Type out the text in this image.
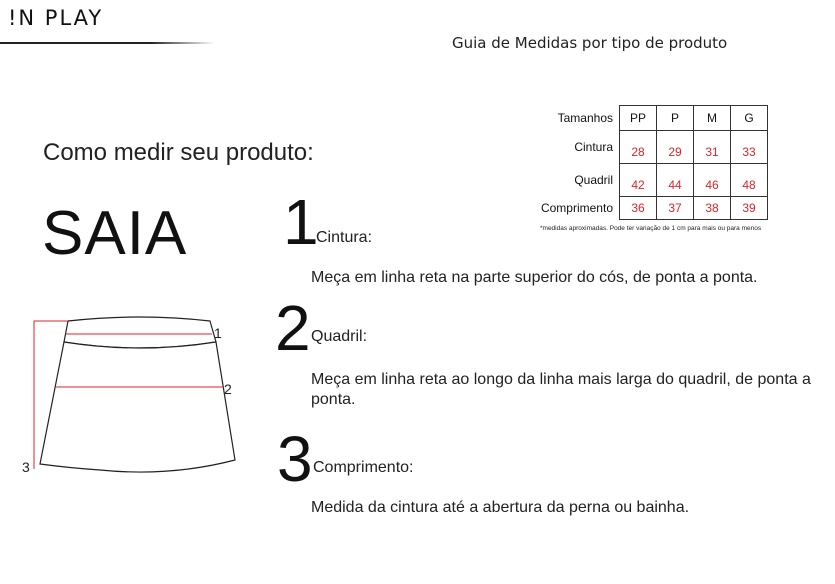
!N PLAY
Guia de Medidas por tipo de produto
Como medir seu produto:
SAIA
Tamanhos	PP	P	M	G
Cintura	28	29	31	33
Quadril	42	44	46	48
Comprimento	36	37	38	39
*medidas aproximadas. Pode ter variação de 1 cm para mais ou para menos
1
Cintura:
Meça em linha reta na parte superior do cós, de ponta a ponta.
2 Quadril:
Meça em linha reta ao longo da linha mais larga do quadril, de ponta a ponta.
3 Comprimento:
Medida da cintura até a abertura da perna ou bainha.
1
2
3
